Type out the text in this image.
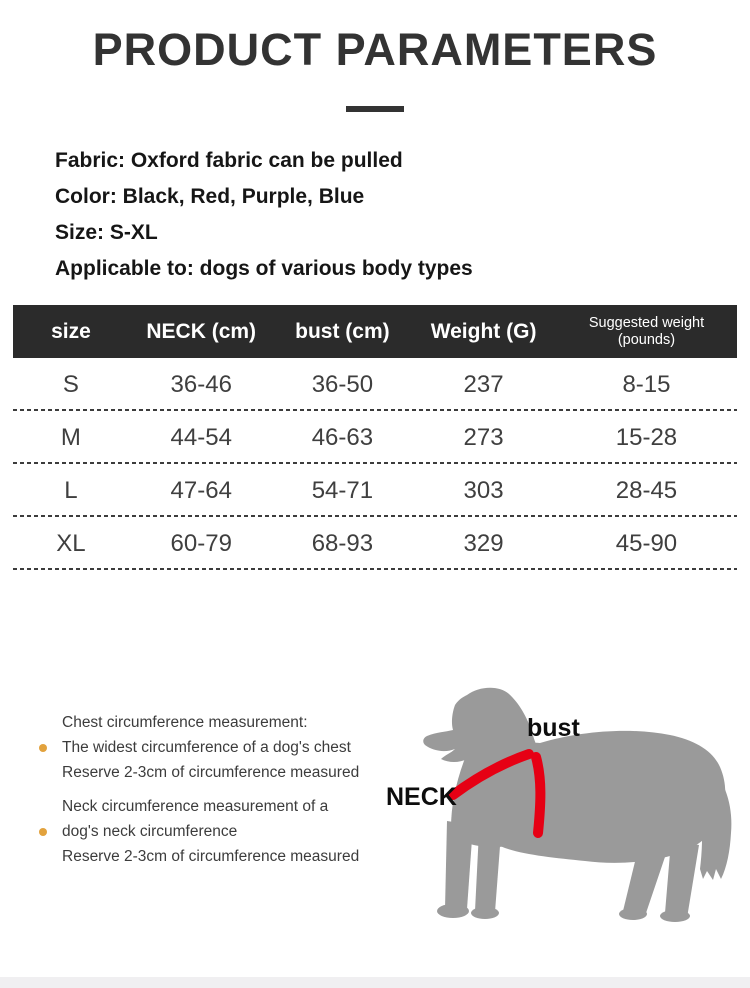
PRODUCT PARAMETERS
Fabric: Oxford fabric can be pulled
Color: Black, Red, Purple, Blue
Size: S-XL
Applicable to: dogs of various body types
size	NECK (cm)	bust (cm)	Weight (G)	Suggested weight (pounds)
S	36-46	36-50	237	8-15
M	44-54	46-63	273	15-28
L	47-64	54-71	303	28-45
XL	60-79	68-93	329	45-90
Chest circumference measurement:
The widest circumference of a dog's chest
Reserve 2-3cm of circumference measured
Neck circumference measurement of a
dog's neck circumference
Reserve 2-3cm of circumference measured
bust
NECK
